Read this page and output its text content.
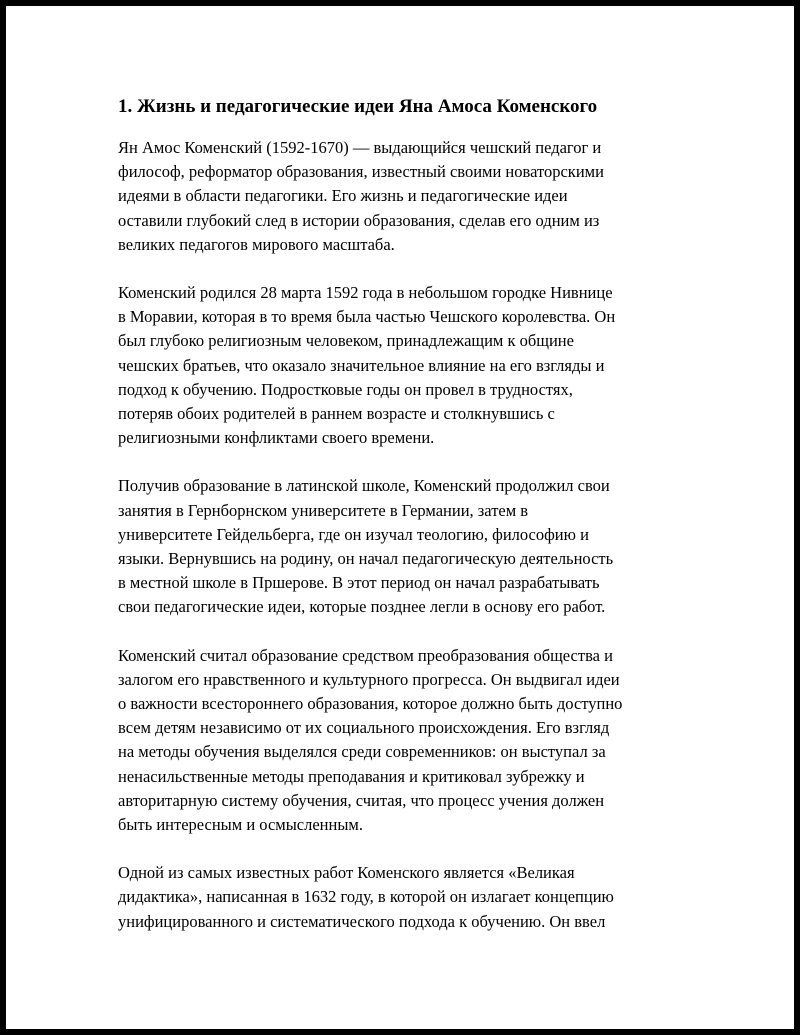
1. Жизнь и педагогические идеи Яна Амоса Коменского
Ян Амос Коменский (1592-1670) — выдающийся чешский педагог и
философ, реформатор образования, известный своими новаторскими
идеями в области педагогики. Его жизнь и педагогические идеи
оставили глубокий след в истории образования, сделав его одним из
великих педагогов мирового масштаба.
Коменский родился 28 марта 1592 года в небольшом городке Нивнице
в Моравии, которая в то время была частью Чешского королевства. Он
был глубоко религиозным человеком, принадлежащим к общине
чешских братьев, что оказало значительное влияние на его взгляды и
подход к обучению. Подростковые годы он провел в трудностях,
потеряв обоих родителей в раннем возрасте и столкнувшись с
религиозными конфликтами своего времени.
Получив образование в латинской школе, Коменский продолжил свои
занятия в Гернборнском университете в Германии, затем в
университете Гейдельберга, где он изучал теологию, философию и
языки. Вернувшись на родину, он начал педагогическую деятельность
в местной школе в Пршерове. В этот период он начал разрабатывать
свои педагогические идеи, которые позднее легли в основу его работ.
Коменский считал образование средством преобразования общества и
залогом его нравственного и культурного прогресса. Он выдвигал идеи
о важности всестороннего образования, которое должно быть доступно
всем детям независимо от их социального происхождения. Его взгляд
на методы обучения выделялся среди современников: он выступал за
ненасильственные методы преподавания и критиковал зубрежку и
авторитарную систему обучения, считая, что процесс учения должен
быть интересным и осмысленным.
Одной из самых известных работ Коменского является «Великая
дидактика», написанная в 1632 году, в которой он излагает концепцию
унифицированного и систематического подхода к обучению. Он ввел
